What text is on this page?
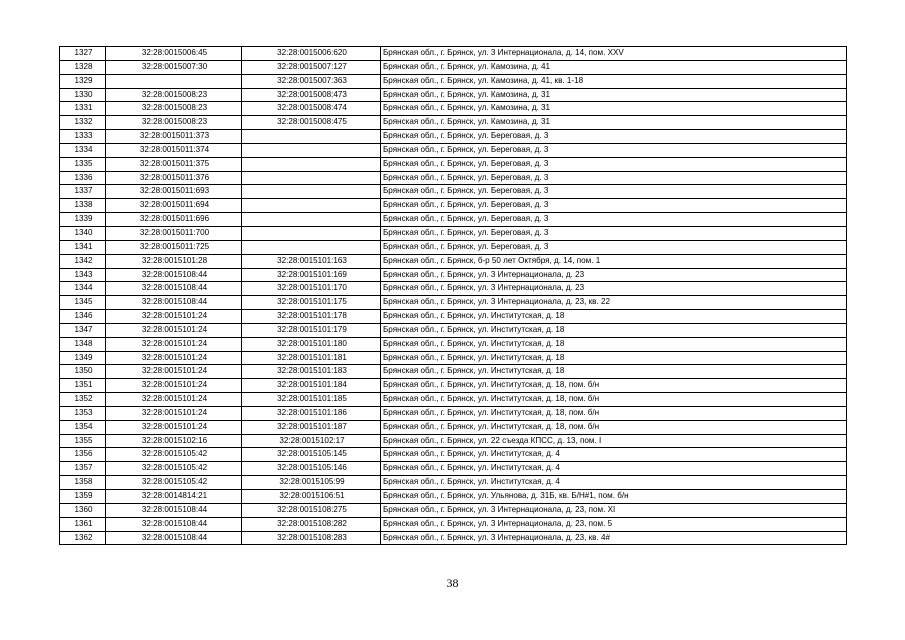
1327	32:28:0015006:45	32:28:0015006:620	Брянская обл., г. Брянск, ул. 3 Интернационала, д. 14, пом. XXV
1328	32:28:0015007:30	32:28:0015007:127	Брянская обл., г. Брянск, ул. Камозина, д. 41
1329		32:28:0015007:363	Брянская обл., г. Брянск, ул. Камозина, д. 41, кв. 1-18
1330	32:28:0015008:23	32:28:0015008:473	Брянская обл., г. Брянск, ул. Камозина, д. 31
1331	32:28:0015008:23	32:28:0015008:474	Брянская обл., г. Брянск, ул. Камозина, д. 31
1332	32:28:0015008:23	32:28:0015008:475	Брянская обл., г. Брянск, ул. Камозина, д. 31
1333	32:28:0015011:373		Брянская обл., г. Брянск, ул. Береговая, д. 3
1334	32:28:0015011:374		Брянская обл., г. Брянск, ул. Береговая, д. 3
1335	32:28:0015011:375		Брянская обл., г. Брянск, ул. Береговая, д. 3
1336	32:28:0015011:376		Брянская обл., г. Брянск, ул. Береговая, д. 3
1337	32:28:0015011:693		Брянская обл., г. Брянск, ул. Береговая, д. 3
1338	32:28:0015011:694		Брянская обл., г. Брянск, ул. Береговая, д. 3
1339	32:28:0015011:696		Брянская обл., г. Брянск, ул. Береговая, д. 3
1340	32:28:0015011:700		Брянская обл., г. Брянск, ул. Береговая, д. 3
1341	32:28:0015011:725		Брянская обл., г. Брянск, ул. Береговая, д. 3
1342	32:28:0015101:28	32:28:0015101:163	Брянская обл., г. Брянск, б-р 50 лет Октября, д. 14, пом. 1
1343	32:28:0015108:44	32:28:0015101:169	Брянская обл., г. Брянск, ул. 3 Интернационала, д. 23
1344	32:28:0015108:44	32:28:0015101:170	Брянская обл., г. Брянск, ул. 3 Интернационала, д. 23
1345	32:28:0015108:44	32:28:0015101:175	Брянская обл., г. Брянск, ул. 3 Интернационала, д. 23, кв. 22
1346	32:28:0015101:24	32:28:0015101:178	Брянская обл., г. Брянск, ул. Институтская, д. 18
1347	32:28:0015101:24	32:28:0015101:179	Брянская обл., г. Брянск, ул. Институтская, д. 18
1348	32:28:0015101:24	32:28:0015101:180	Брянская обл., г. Брянск, ул. Институтская, д. 18
1349	32:28:0015101:24	32:28:0015101:181	Брянская обл., г. Брянск, ул. Институтская, д. 18
1350	32:28:0015101:24	32:28:0015101:183	Брянская обл., г. Брянск, ул. Институтская, д. 18
1351	32:28:0015101:24	32:28:0015101:184	Брянская обл., г. Брянск, ул. Институтская, д. 18, пом. б/н
1352	32:28:0015101:24	32:28:0015101:185	Брянская обл., г. Брянск, ул. Институтская, д. 18, пом. б/н
1353	32:28:0015101:24	32:28:0015101:186	Брянская обл., г. Брянск, ул. Институтская, д. 18, пом. б/н
1354	32:28:0015101:24	32:28:0015101:187	Брянская обл., г. Брянск, ул. Институтская, д. 18, пом. б/н
1355	32:28:0015102:16	32:28:0015102:17	Брянская обл., г. Брянск, ул. 22 съезда КПСС, д. 13, пом. I
1356	32:28:0015105:42	32:28:0015105:145	Брянская обл., г. Брянск, ул. Институтская, д. 4
1357	32:28:0015105:42	32:28:0015105:146	Брянская обл., г. Брянск, ул. Институтская, д. 4
1358	32:28:0015105:42	32:28:0015105:99	Брянская обл., г. Брянск, ул. Институтская, д. 4
1359	32:28:0014814:21	32:28:0015106:51	Брянская обл., г. Брянск, ул. Ульянова, д. 31Б, кв. Б/Н#1, пом. б/н
1360	32:28:0015108:44	32:28:0015108:275	Брянская обл., г. Брянск, ул. 3 Интернационала, д. 23, пом. XI
1361	32:28:0015108:44	32:28:0015108:282	Брянская обл., г. Брянск, ул. 3 Интернационала, д. 23, пом. 5
1362	32:28:0015108:44	32:28:0015108:283	Брянская обл., г. Брянск, ул. 3 Интернационала, д. 23, кв. 4#
38
